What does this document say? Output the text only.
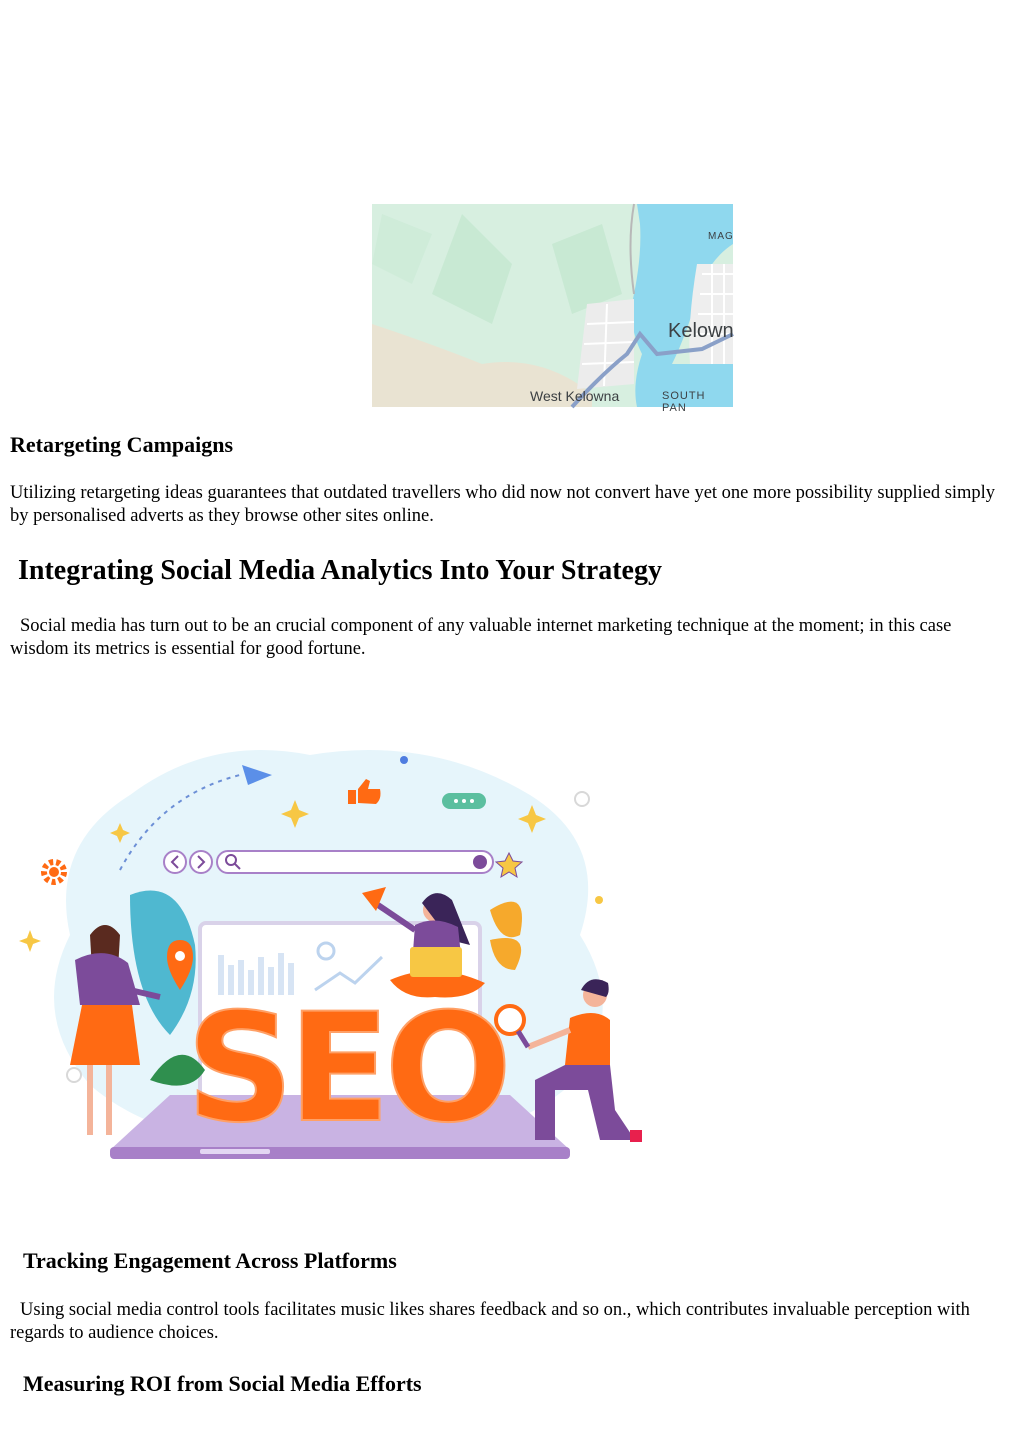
Kelown
West Kelowna
MAG
SOUTH PAN
Retargeting Campaigns

Utilizing retargeting ideas guarantees that outdated travellers who did now not convert have yet one more possibility supplied simply by personalised adverts as they browse other sites online.

Integrating Social Media Analytics Into Your Strategy

Social media has turn out to be an crucial component of any valuable internet marketing technique at the moment; in this case wisdom its metrics is essential for good fortune.

SEO
Tracking Engagement Across Platforms

Using social media control tools facilitates music likes shares feedback and so on., which contributes invaluable perception with regards to audience choices.

Measuring ROI from Social Media Efforts
